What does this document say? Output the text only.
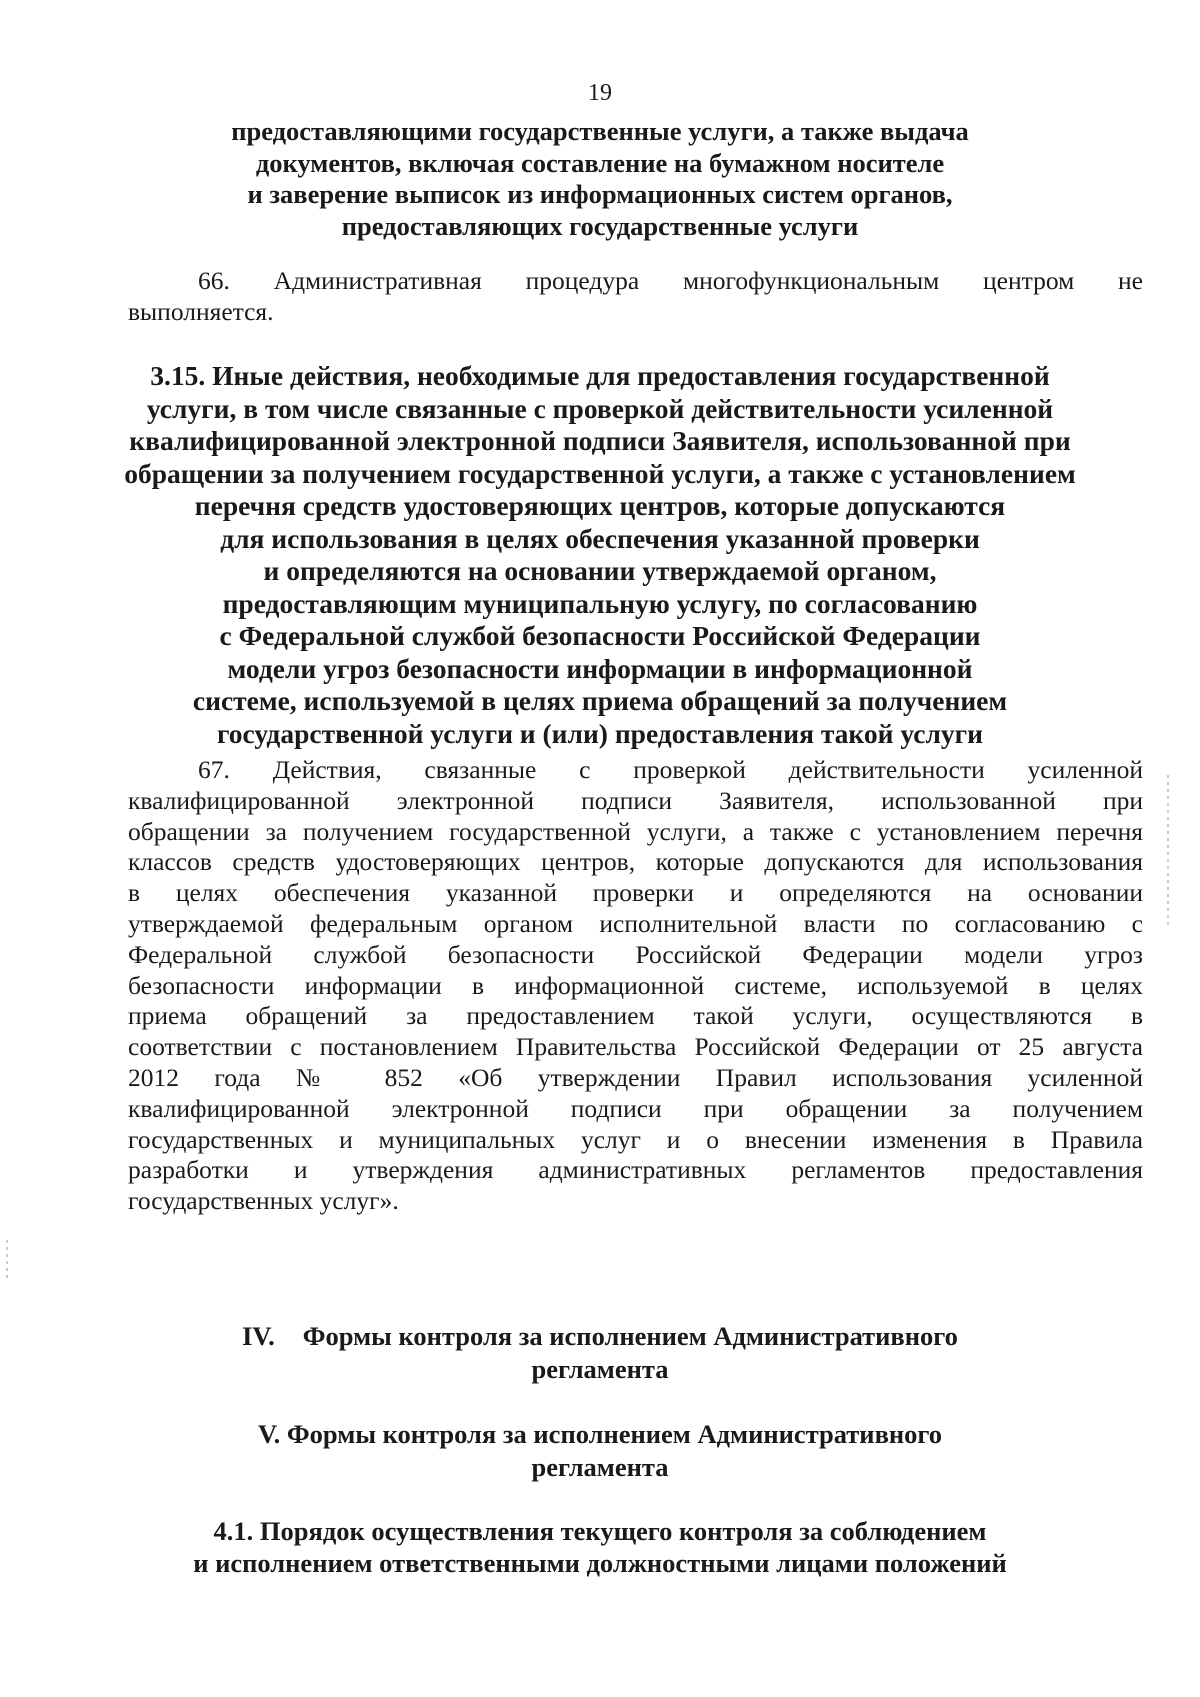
19
предоставляющими государственные услуги, а также выдача
документов, включая составление на бумажном носителе
и заверение выписок из информационных систем органов,
предоставляющих государственные услуги
66. Административная процедура многофункциональным центром не
выполняется.
3.15. Иные действия, необходимые для предоставления государственной
услуги, в том числе связанные с проверкой действительности усиленной
квалифицированной электронной подписи Заявителя, использованной при
обращении за получением государственной услуги, а также с установлением
перечня средств удостоверяющих центров, которые допускаются
для использования в целях обеспечения указанной проверки
и определяются на основании утверждаемой органом,
предоставляющим муниципальную услугу, по согласованию
с Федеральной службой безопасности Российской Федерации
модели угроз безопасности информации в информационной
системе, используемой в целях приема обращений за получением
государственной услуги и (или) предоставления такой услуги
67. Действия, связанные с проверкой действительности усиленной
квалифицированной электронной подписи Заявителя, использованной при
обращении за получением государственной услуги, а также с установлением перечня
классов средств удостоверяющих центров, которые допускаются для использования
в целях обеспечения указанной проверки и определяются на основании
утверждаемой федеральным органом исполнительной власти по согласованию с
Федеральной службой безопасности Российской Федерации модели угроз
безопасности информации в информационной системе, используемой в целях
приема обращений за предоставлением такой услуги, осуществляются в
соответствии с постановлением Правительства Российской Федерации от 25 августа
2012 года № 852 «Об утверждении Правил использования усиленной
квалифицированной электронной подписи при обращении за получением
государственных и муниципальных услуг и о внесении изменения в Правила
разработки и утверждения административных регламентов предоставления
государственных услуг».
IV. Формы контроля за исполнением Административного
регламента
V. Формы контроля за исполнением Административного
регламента
4.1. Порядок осуществления текущего контроля за соблюдением
и исполнением ответственными должностными лицами положений
